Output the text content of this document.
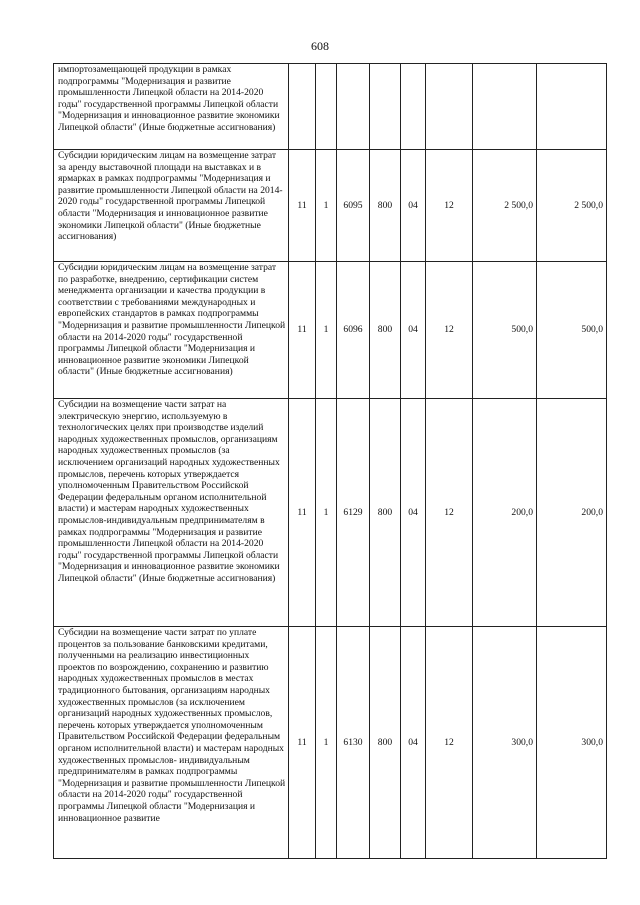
608
импортозамещающей продукции в рамках подпрограммы "Модернизация и развитие промышленности Липецкой области на 2014-2020 годы" государственной программы Липецкой области "Модернизация и инновационное развитие экономики Липецкой области" (Иные бюджетные ассигнования)								
Субсидии юридическим лицам на возмещение затрат за аренду выставочной площади на выставках и в ярмарках в рамках подпрограммы "Модернизация и развитие промышленности Липецкой области на 2014-2020 годы" государственной программы Липецкой области "Модернизация и инновационное развитие экономики Липецкой области" (Иные бюджетные ассигнования)	11	1	6095	800	04	12	2 500,0	2 500,0
Субсидии юридическим лицам на возмещение затрат по разработке, внедрению, сертификации систем менеджмента организации и качества продукции в соответствии с требованиями международных и европейских стандартов в рамках подпрограммы "Модернизация и развитие промышленности Липецкой области на 2014-2020 годы" государственной программы Липецкой области "Модернизация и инновационное развитие экономики Липецкой области" (Иные бюджетные ассигнования)	11	1	6096	800	04	12	500,0	500,0
Субсидии на возмещение части затрат на электрическую энергию, используемую в технологических целях при производстве изделий народных художественных промыслов, организациям народных художественных промыслов (за исключением организаций народных художественных промыслов, перечень которых утверждается уполномоченным Правительством Российской Федерации федеральным органом исполнительной власти) и мастерам народных художественных промыслов-индивидуальным предпринимателям в рамках подпрограммы "Модернизация и развитие промышленности Липецкой области на 2014-2020 годы" государственной программы Липецкой области "Модернизация и инновационное развитие экономики Липецкой области" (Иные бюджетные ассигнования)	11	1	6129	800	04	12	200,0	200,0
Субсидии на возмещение части затрат по уплате процентов за пользование банковскими кредитами, полученными на реализацию инвестиционных проектов по возрождению, сохранению и развитию народных художественных промыслов в местах традиционного бытования, организациям народных художественных промыслов (за исключением организаций народных художественных промыслов, перечень которых утверждается уполномоченным Правительством Российской Федерации федеральным органом исполнительной власти) и мастерам народных художественных промыслов- индивидуальным предпринимателям в рамках подпрограммы "Модернизация и развитие промышленности Липецкой области на 2014-2020 годы" государственной программы Липецкой области "Модернизация и инновационное развитие	11	1	6130	800	04	12	300,0	300,0
